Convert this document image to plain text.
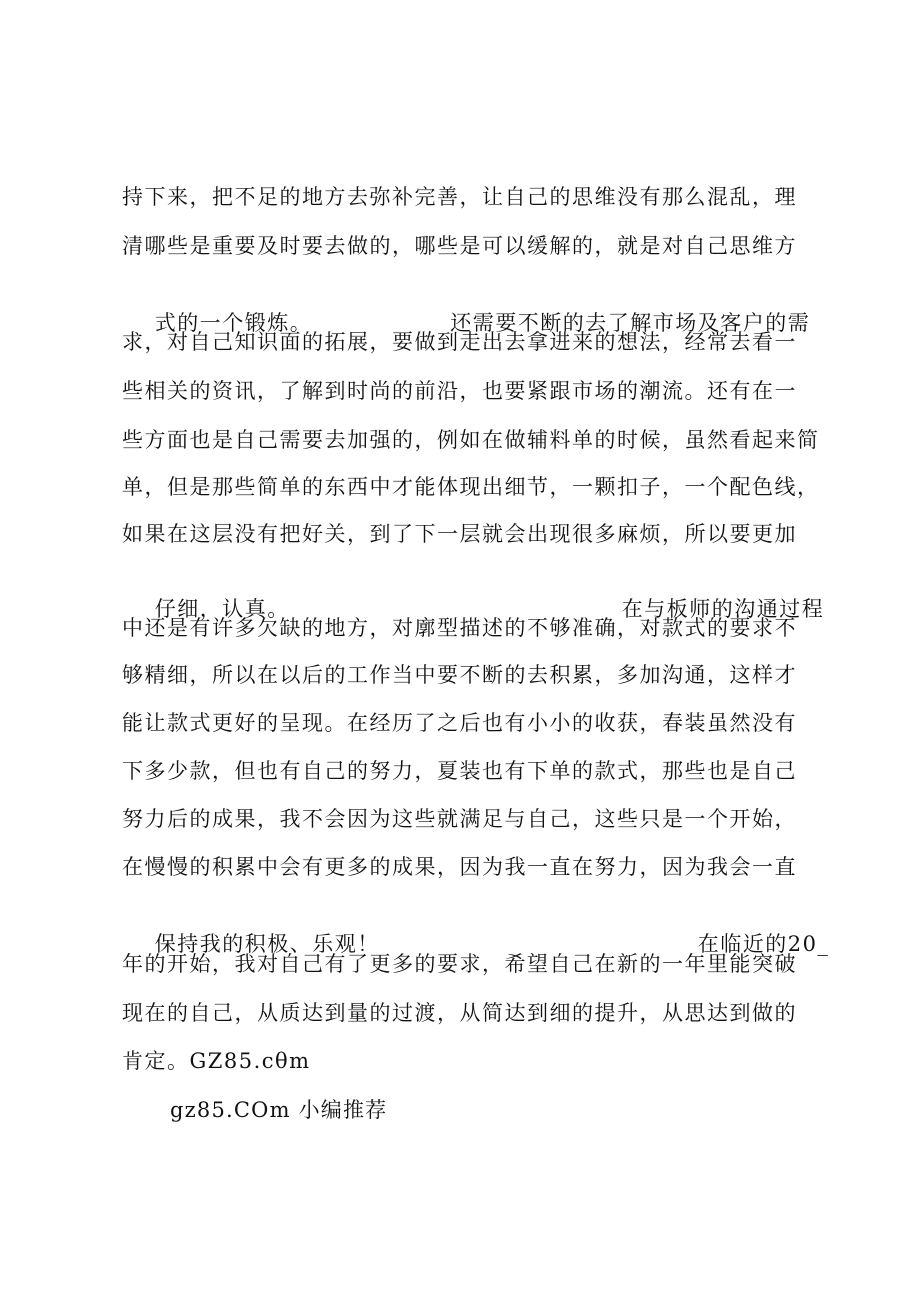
持下来，把不足的地方去弥补完善，让自己的思维没有那么混乱，理
清哪些是重要及时要去做的，哪些是可以缓解的，就是对自己思维方

式的一个锻炼。	还需要不断的去了解市场及客户的需

求，对自己知识面的拓展，要做到走出去拿进来的想法，经常去看一
些相关的资讯，了解到时尚的前沿，也要紧跟市场的潮流。还有在一
些方面也是自己需要去加强的，例如在做辅料单的时候，虽然看起来简
单，但是那些简单的东西中才能体现出细节，一颗扣子，一个配色线，
如果在这层没有把好关，到了下一层就会出现很多麻烦，所以要更加

仔细，认真。	在与板师的沟通过程

中还是有许多欠缺的地方，对廓型描述的不够准确，对款式的要求不
够精细，所以在以后的工作当中要不断的去积累，多加沟通，这样才
能让款式更好的呈现。在经历了之后也有小小的收获，春装虽然没有
下多少款，但也有自己的努力，夏装也有下单的款式，那些也是自己
努力后的成果，我不会因为这些就满足与自己，这些只是一个开始，
在慢慢的积累中会有更多的成果，因为我一直在努力，因为我会一直

保持我的积极、乐观！	在临近的20_

年的开始，我对自己有了更多的要求，希望自己在新的一年里能突破
现在的自己，从质达到量的过渡，从简达到细的提升，从思达到做的
肯定。GZ85.cθm
gz85.COm 小编推荐
